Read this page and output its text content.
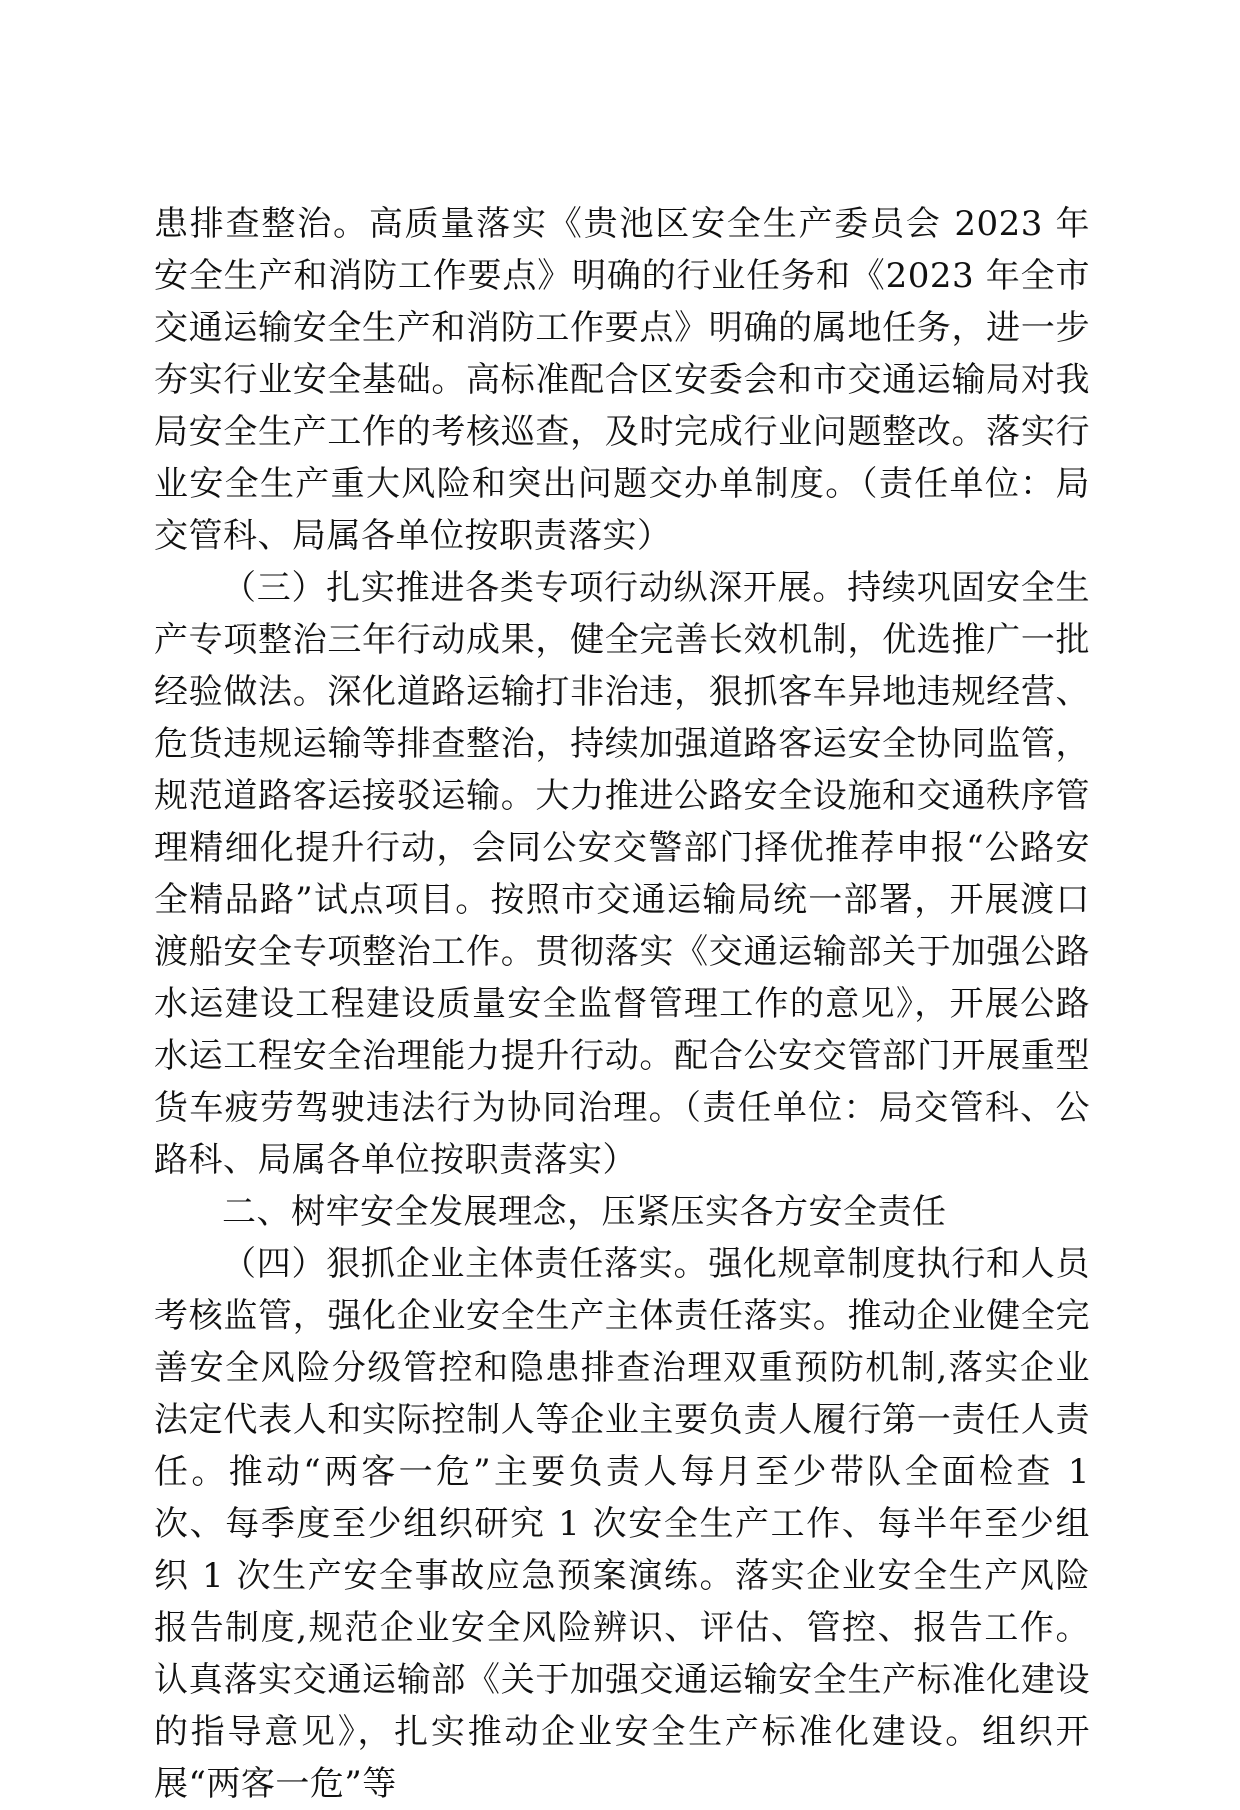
患排查整治。高质量落实《贵池区安全生产委员会 2023 年安全生产和消防工作要点》明确的行业任务和《2023 年全市交通运输安全生产和消防工作要点》明确的属地任务，进一步夯实行业安全基础。高标准配合区安委会和市交通运输局对我局安全生产工作的考核巡查，及时完成行业问题整改。落实行业安全生产重大风险和突出问题交办单制度。（责任单位：局交管科、局属各单位按职责落实）

（三）扎实推进各类专项行动纵深开展。持续巩固安全生产专项整治三年行动成果，健全完善长效机制，优选推广一批经验做法。深化道路运输打非治违，狠抓客车异地违规经营、危货违规运输等排查整治，持续加强道路客运安全协同监管，规范道路客运接驳运输。大力推进公路安全设施和交通秩序管理精细化提升行动，会同公安交警部门择优推荐申报“公路安全精品路”试点项目。按照市交通运输局统一部署，开展渡口渡船安全专项整治工作。贯彻落实《交通运输部关于加强公路水运建设工程建设质量安全监督管理工作的意见》，开展公路水运工程安全治理能力提升行动。配合公安交管部门开展重型货车疲劳驾驶违法行为协同治理。（责任单位：局交管科、公路科、局属各单位按职责落实）

二、树牢安全发展理念，压紧压实各方安全责任

（四）狠抓企业主体责任落实。强化规章制度执行和人员考核监管，强化企业安全生产主体责任落实。推动企业健全完善安全风险分级管控和隐患排查治理双重预防机制,落实企业法定代表人和实际控制人等企业主要负责人履行第一责任人责任。推动“两客一危”主要负责人每月至少带队全面检查 1 次、每季度至少组织研究 1 次安全生产工作、每半年至少组织 1 次生产安全事故应急预案演练。落实企业安全生产风险报告制度,规范企业安全风险辨识、评估、管控、报告工作。认真落实交通运输部《关于加强交通运输安全生产标准化建设的指导意见》，扎实推动企业安全生产标准化建设。组织开展“两客一危”等
